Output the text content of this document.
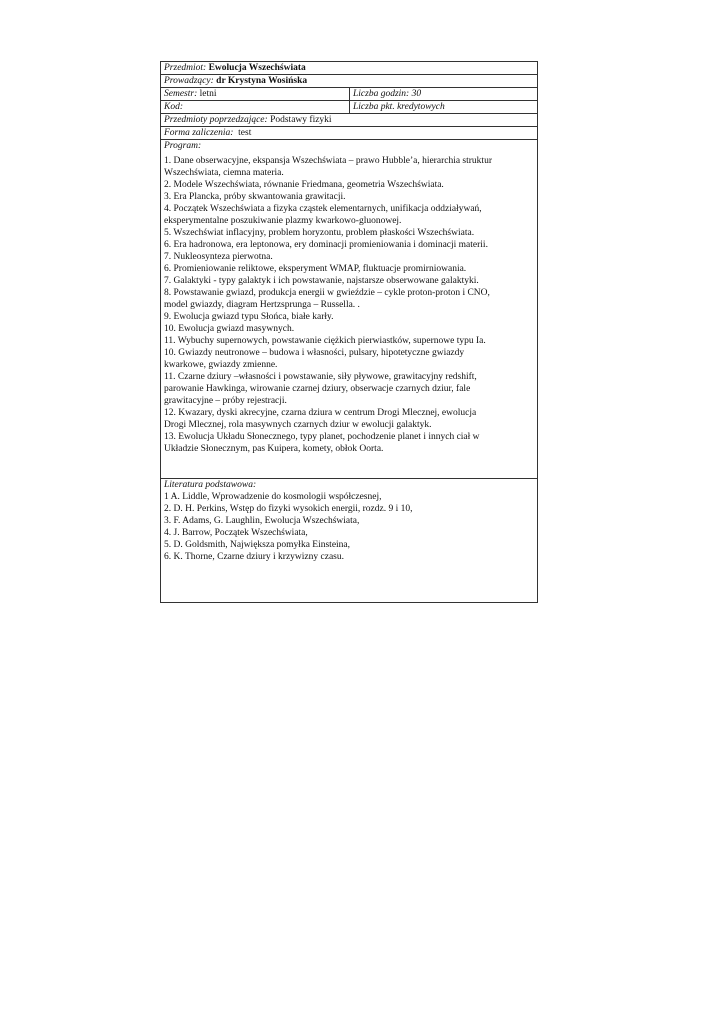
Przedmiot: Ewolucja Wszechświata
Prowadzący: dr Krystyna Wosińska
Semestr: letni	Liczba godzin: 30
Kod:	Liczba pkt. kredytowych
Przedmioty poprzedzające: Podstawy fizyki
Forma zaliczenia: test
Program:
1. Dane obserwacyjne, ekspansja Wszechświata – prawo Hubble’a, hierarchia struktur
Wszechświata, ciemna materia.
2. Modele Wszechświata, równanie Friedmana, geometria Wszechświata.
3. Era Plancka, próby skwantowania grawitacji.
4. Początek Wszechświata a fizyka cząstek elementarnych, unifikacja oddziaływań,
eksperymentalne poszukiwanie plazmy kwarkowo-gluonowej.
5. Wszechświat inflacyjny, problem horyzontu, problem płaskości Wszechświata.
6. Era hadronowa, era leptonowa, ery dominacji promieniowania i dominacji materii.
7. Nukleosynteza pierwotna.
6. Promieniowanie reliktowe, eksperyment WMAP, fluktuacje promirniowania.
7. Galaktyki - typy galaktyk i ich powstawanie, najstarsze obserwowane galaktyki.
8. Powstawanie gwiazd, produkcja energii w gwieździe – cykle proton-proton i CNO,
model gwiazdy, diagram Hertzsprunga – Russella. .
9. Ewolucja gwiazd typu Słońca, białe karły.
10. Ewolucja gwiazd masywnych.
11. Wybuchy supernowych, powstawanie ciężkich pierwiastków, supernowe typu Ia.
10. Gwiazdy neutronowe – budowa i własności, pulsary, hipotetyczne gwiazdy
kwarkowe, gwiazdy zmienne.
11. Czarne dziury –własności i powstawanie, siły pływowe, grawitacyjny redshift,
parowanie Hawkinga, wirowanie czarnej dziury, obserwacje czarnych dziur, fale
grawitacyjne – próby rejestracji.
12. Kwazary, dyski akrecyjne, czarna dziura w centrum Drogi Mlecznej, ewolucja
Drogi Mlecznej, rola masywnych czarnych dziur w ewolucji galaktyk.
13. Ewolucja Układu Słonecznego, typy planet, pochodzenie planet i innych ciał w
Układzie Słonecznym, pas Kuipera, komety, obłok Oorta.
Literatura podstawowa:
1 A. Liddle, Wprowadzenie do kosmologii współczesnej,
2. D. H. Perkins, Wstęp do fizyki wysokich energii, rozdz. 9 i 10,
3. F. Adams, G. Laughlin, Ewolucja Wszechświata,
4. J. Barrow, Początek Wszechświata,
5. D. Goldsmith, Największa pomyłka Einsteina,
6. K. Thorne, Czarne dziury i krzywizny czasu.
